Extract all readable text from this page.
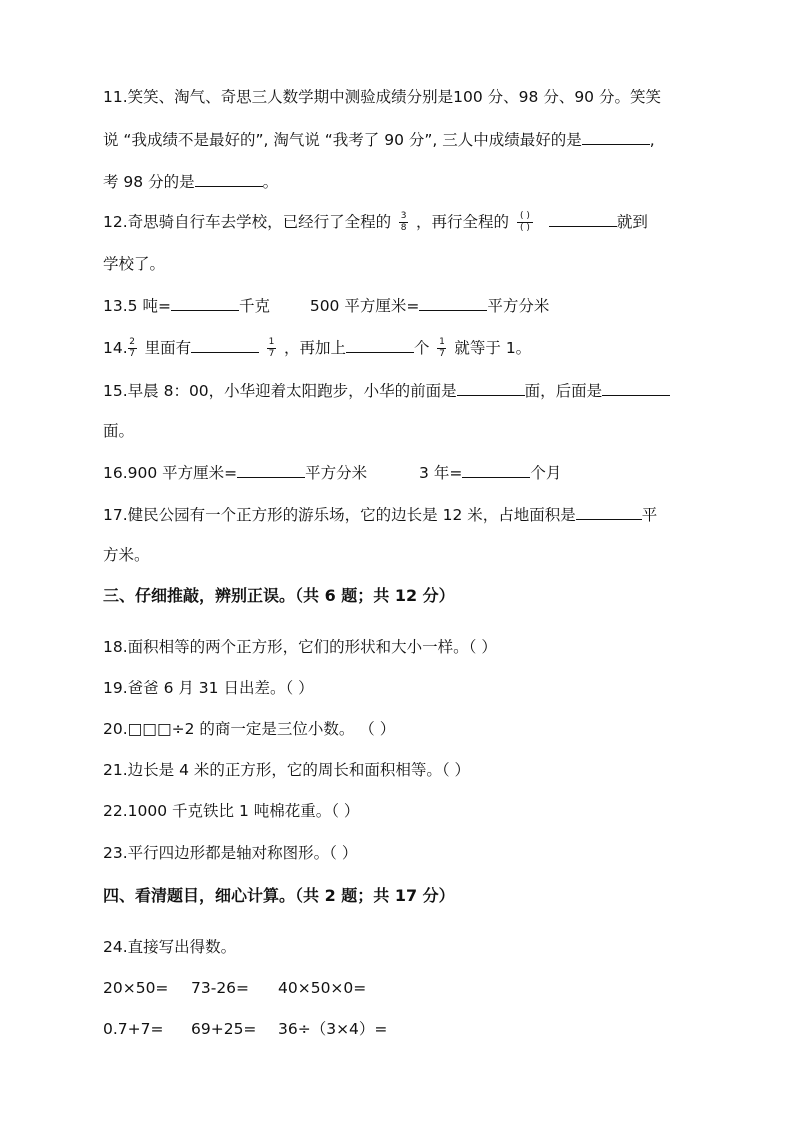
11.笑笑、淘气、奇思三人数学期中测验成绩分别是100 分、98 分、90 分。笑笑
说 “我成绩不是最好的”, 淘气说 “我考了 90 分”, 三人中成绩最好的是	,
考 98 分的是	。
12.奇思骑自行车去学校，已经行了全程的 $\frac{3}{8}$ ，再行全程的 $\frac{( )}{( )}$	就到
学校了。
13.5 吨=	千克	500 平方厘米=	平方分米
14. $\frac{2}{7}$ 里面有	$\frac{1}{7}$ ，再加上	个 $\frac{1}{7}$ 就等于 1。
15.早晨 8：00，小华迎着太阳跑步，小华的前面是	面，后面是
面。
16.900 平方厘米=	平方分米	3 年=	个月
17.健民公园有一个正方形的游乐场，它的边长是 12 米，占地面积是	平
方米。
三、仔细推敲，辨别正误。（共 6 题；共 12 分）
18.面积相等的两个正方形，它们的形状和大小一样。（ ）
19.爸爸 6 月 31 日出差。（ ）
20.□□□÷2 的商一定是三位小数。 （ ）
21.边长是 4 米的正方形，它的周长和面积相等。（ ）
22.1000 千克铁比 1 吨棉花重。（ ）
23.平行四边形都是轴对称图形。（ ）
四、看清题目，细心计算。（共 2 题；共 17 分）
24.直接写出得数。
20×50= 73-26= 40×50×0=
0.7+7= 69+25= 36÷（3×4）=
